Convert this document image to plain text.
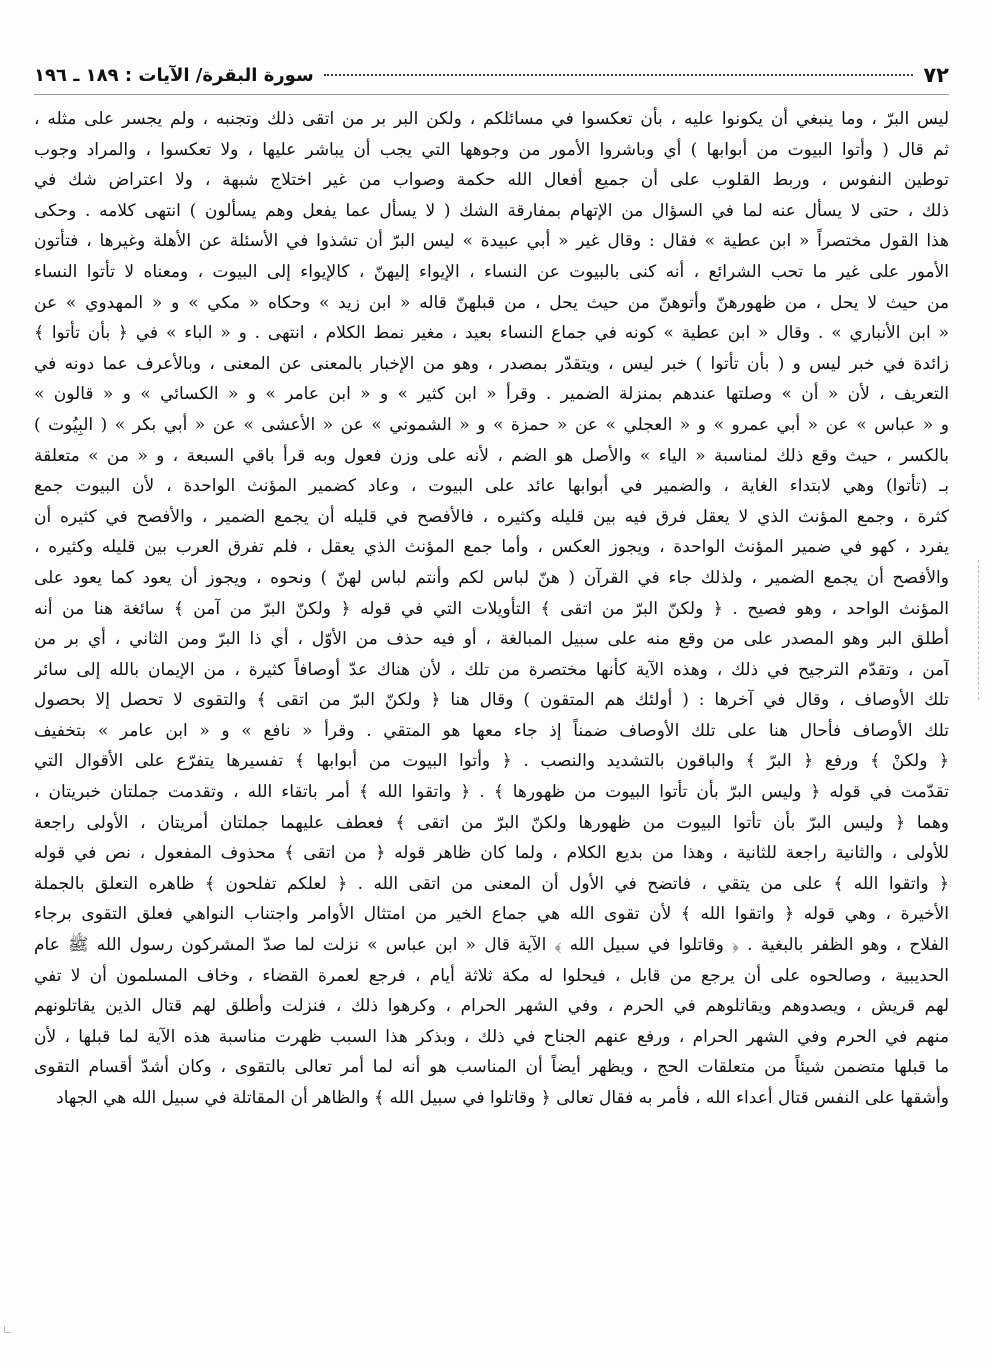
٧٢
سورة البقرة/ الآيات : ١٨٩ ـ ١٩٦
ليس البرّ ، وما ينبغي أن يكونوا عليه ، بأن تعكسوا في مسائلكم ، ولكن البر بر من اتقى ذلك وتجنبه ، ولم يجسر على مثله ،
ثم قال ( وأتوا البيوت من أبوابها ) أي وباشروا الأمور من وجوهها التي يجب أن يباشر عليها ، ولا تعكسوا ، والمراد وجوب
توطين النفوس ، وربط القلوب على أن جميع أفعال الله حكمة وصواب من غير اختلاج شبهة ، ولا اعتراض شك في
ذلك ، حتى لا يسأل عنه لما في السؤال من الإتهام بمفارقة الشك ( لا يسأل عما يفعل وهم يسألون ) انتهى كلامه . وحكى
هذا القول مختصراً « ابن عطية » فقال : وقال غير « أبي عبيدة » ليس البرّ أن تشذوا في الأسئلة عن الأهلة وغيرها ، فتأتون
الأمور على غير ما تحب الشرائع ، أنه كنى بالبيوت عن النساء ، الإيواء إليهنّ ، كالإيواء إلى البيوت ، ومعناه لا تأتوا النساء
من حيث لا يحل ، من ظهورهنّ وأتوهنّ من حيث يحل ، من قبلهنّ قاله « ابن زيد » وحكاه « مكي » و « المهدوي » عن
« ابن الأنباري » . وقال « ابن عطية » كونه في جماع النساء بعيد ، مغير نمط الكلام ، انتهى . و « الباء » في ﴿ بأن تأتوا ﴾
زائدة في خبر ليس و ( بأن تأتوا ) خبر ليس ، ويتقدّر بمصدر ، وهو من الإخبار بالمعنى عن المعنى ، وبالأعرف عما دونه في
التعريف ، لأن « أن » وصلتها عندهم بمنزلة الضمير . وقرأ « ابن كثير » و « ابن عامر » و « الكسائي » و « قالون »
و « عباس » عن « أبي عمرو » و « العجلي » عن « حمزة » و « الشموني » عن « الأعشى » عن « أبي بكر » ( البِيُوت )
بالكسر ، حيث وقع ذلك لمناسبة « الياء » والأصل هو الضم ، لأنه على وزن فعول وبه قرأ باقي السبعة ، و « من » متعلقة
بـ (تأتوا) وهي لابتداء الغاية ، والضمير في أبوابها عائد على البيوت ، وعاد كضمير المؤنث الواحدة ، لأن البيوت جمع
كثرة ، وجمع المؤنث الذي لا يعقل فرق فيه بين قليله وكثيره ، فالأفصح في قليله أن يجمع الضمير ، والأفصح في كثيره أن
يفرد ، كهو في ضمير المؤنث الواحدة ، ويجوز العكس ، وأما جمع المؤنث الذي يعقل ، فلم تفرق العرب بين قليله وكثيره ،
والأفصح أن يجمع الضمير ، ولذلك جاء في القرآن ( هنّ لباس لكم وأنتم لباس لهنّ ) ونحوه ، ويجوز أن يعود كما يعود على
المؤنث الواحد ، وهو فصيح . ﴿ ولكنّ البرّ من اتقى ﴾ التأويلات التي في قوله ﴿ ولكنّ البرّ من آمن ﴾ سائغة هنا من أنه
أطلق البر وهو المصدر على من وقع منه على سبيل المبالغة ، أو فيه حذف من الأوّل ، أي ذا البرّ ومن الثاني ، أي بر من
آمن ، وتقدّم الترجيح في ذلك ، وهذه الآية كأنها مختصرة من تلك ، لأن هناك عدّ أوصافاً كثيرة ، من الإيمان بالله إلى سائر
تلك الأوصاف ، وقال في آخرها : ( أولئك هم المتقون ) وقال هنا ﴿ ولكنّ البرّ من اتقى ﴾ والتقوى لا تحصل إلا بحصول
تلك الأوصاف فأحال هنا على تلك الأوصاف ضمناً إذ جاء معها هو المتقي . وقرأ « نافع » و « ابن عامر » بتخفيف
﴿ ولكنْ ﴾ ورفع ﴿ البرّ ﴾ والباقون بالتشديد والنصب . ﴿ وأتوا البيوت من أبوابها ﴾ تفسيرها يتفرّع على الأقوال التي
تقدّمت في قوله ﴿ وليس البرّ بأن تأتوا البيوت من ظهورها ﴾ . ﴿ واتقوا الله ﴾ أمر باتقاء الله ، وتقدمت جملتان خبريتان ،
وهما ﴿ وليس البرّ بأن تأتوا البيوت من ظهورها ولكنّ البرّ من اتقى ﴾ فعطف عليهما جملتان أمريتان ، الأولى راجعة
للأولى ، والثانية راجعة للثانية ، وهذا من بديع الكلام ، ولما كان ظاهر قوله ﴿ من اتقى ﴾ محذوف المفعول ، نص في قوله
﴿ واتقوا الله ﴾ على من يتقي ، فاتضح في الأول أن المعنى من اتقى الله . ﴿ لعلكم تفلحون ﴾ ظاهره التعلق بالجملة
الأخيرة ، وهي قوله ﴿ واتقوا الله ﴾ لأن تقوى الله هي جماع الخير من امتثال الأوامر واجتناب النواهي فعلق التقوى برجاء
الفلاح ، وهو الظفر بالبغية . ﴿ وقاتلوا في سبيل الله ﴾ الآية قال « ابن عباس » نزلت لما صدّ المشركون رسول الله ﷺ عام
الحديبية ، وصالحوه على أن يرجع من قابل ، فيحلوا له مكة ثلاثة أيام ، فرجع لعمرة القضاء ، وخاف المسلمون أن لا تفي
لهم قريش ، ويصدوهم ويقاتلوهم في الحرم ، وفي الشهر الحرام ، وكرهوا ذلك ، فنزلت وأطلق لهم قتال الذين يقاتلونهم
منهم في الحرم وفي الشهر الحرام ، ورفع عنهم الجناح في ذلك ، وبذكر هذا السبب ظهرت مناسبة هذه الآية لما قبلها ، لأن
ما قبلها متضمن شيئاً من متعلقات الحج ، ويظهر أيضاً أن المناسب هو أنه لما أمر تعالى بالتقوى ، وكان أشدّ أقسام التقوى
وأشقها على النفس قتال أعداء الله ، فأمر به فقال تعالى ﴿ وقاتلوا في سبيل الله ﴾ والظاهر أن المقاتلة في سبيل الله هي الجهاد
